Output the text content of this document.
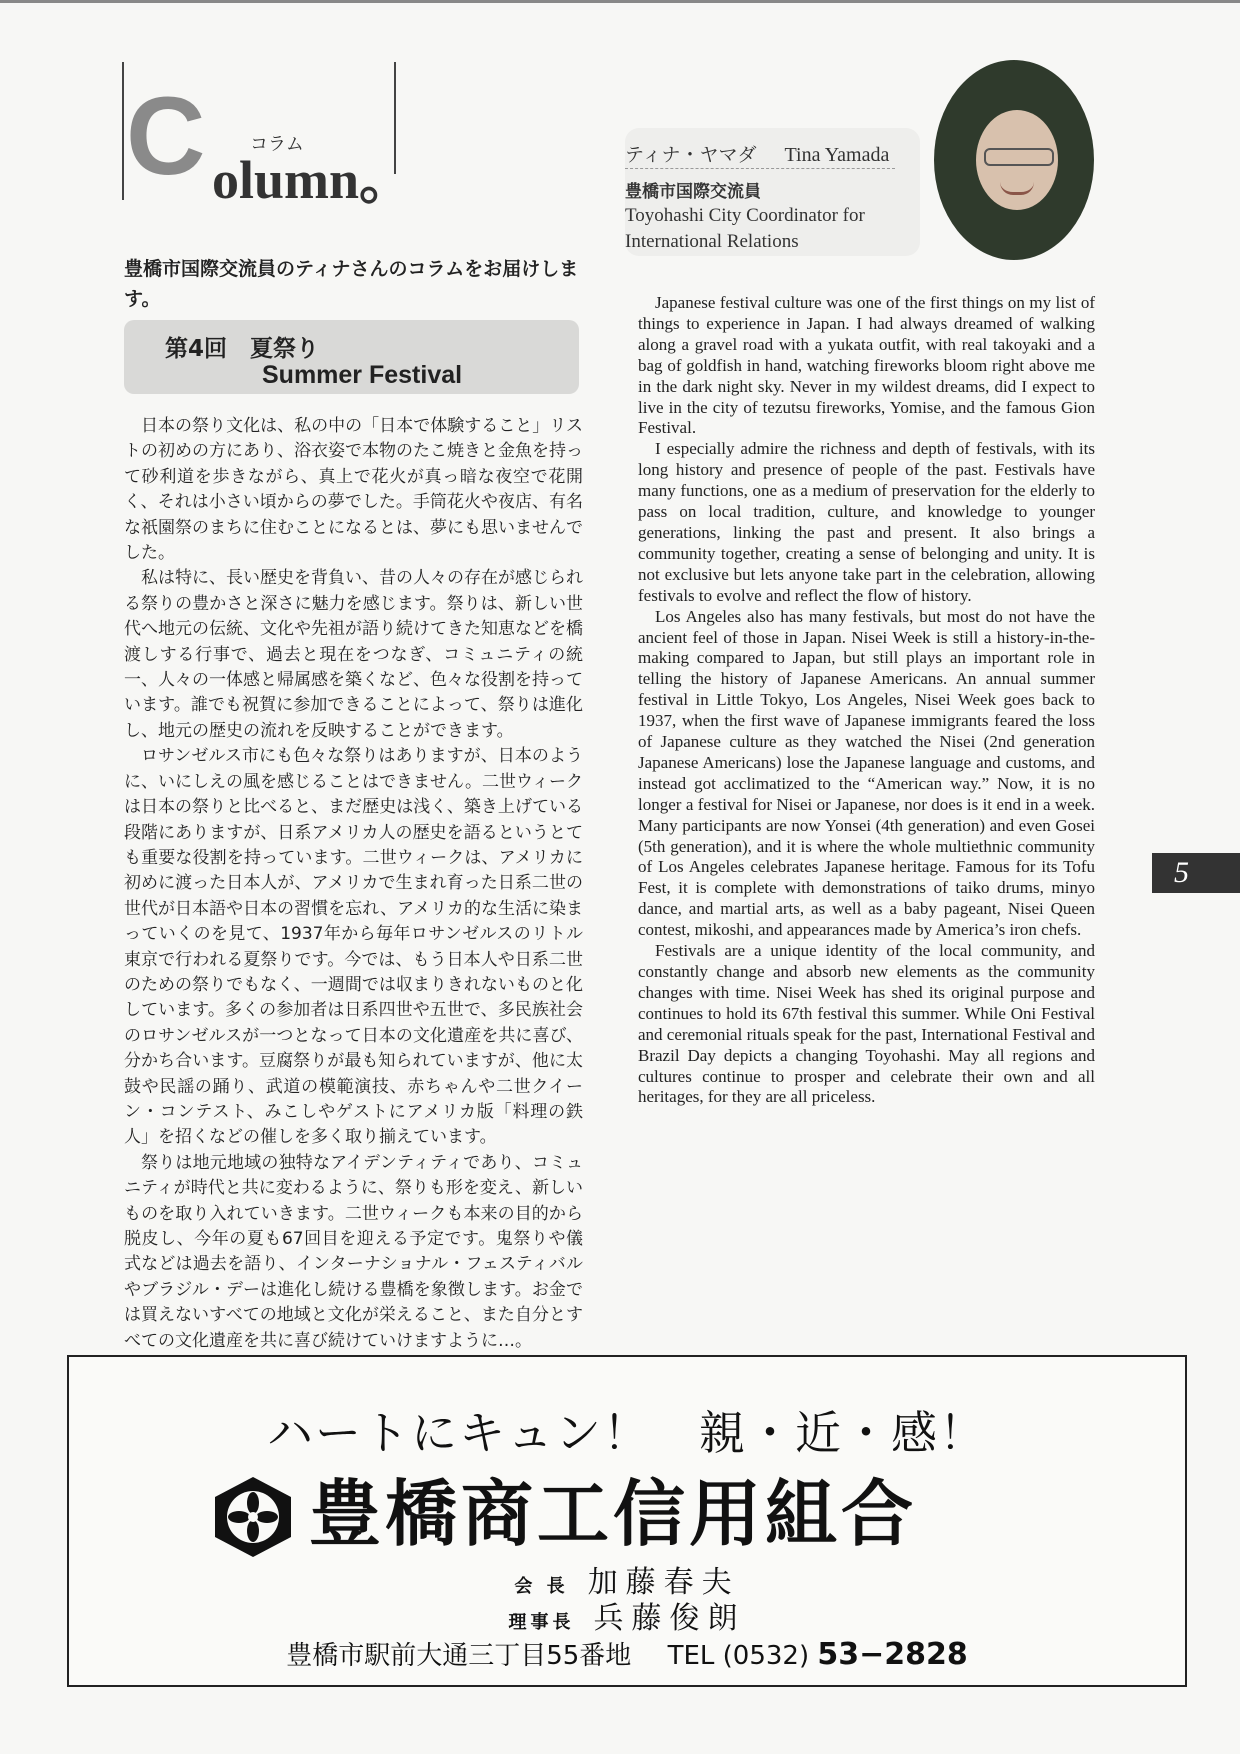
C コラム
olumn。	ティナ・ヤマダ Tina Yamada
豊橋市国際交流員
Toyohashi City Coordinator for International Relations
豊橋市国際交流員のティナさんのコラムをお届けします。
第4回　夏祭り
Summer Festival

日本の祭り文化は、私の中の「日本で体験すること」リストの初めの方にあり、浴衣姿で本物のたこ焼きと金魚を持って砂利道を歩きながら、真上で花火が真っ暗な夜空で花開く、それは小さい頃からの夢でした。手筒花火や夜店、有名な祇園祭のまちに住むことになるとは、夢にも思いませんでした。

私は特に、長い歴史を背負い、昔の人々の存在が感じられる祭りの豊かさと深さに魅力を感じます。祭りは、新しい世代へ地元の伝統、文化や先祖が語り続けてきた知恵などを橋渡しする行事で、過去と現在をつなぎ、コミュニティの統一、人々の一体感と帰属感を築くなど、色々な役割を持っています。誰でも祝賀に参加できることによって、祭りは進化し、地元の歴史の流れを反映することができます。

ロサンゼルス市にも色々な祭りはありますが、日本のように、いにしえの風を感じることはできません。二世ウィークは日本の祭りと比べると、まだ歴史は浅く、築き上げている段階にありますが、日系アメリカ人の歴史を語るというとても重要な役割を持っています。二世ウィークは、アメリカに初めに渡った日本人が、アメリカで生まれ育った日系二世の世代が日本語や日本の習慣を忘れ、アメリカ的な生活に染まっていくのを見て、1937年から毎年ロサンゼルスのリトル東京で行われる夏祭りです。今では、もう日本人や日系二世のための祭りでもなく、一週間では収まりきれないものと化しています。多くの参加者は日系四世や五世で、多民族社会のロサンゼルスが一つとなって日本の文化遺産を共に喜び、分かち合います。豆腐祭りが最も知られていますが、他に太鼓や民謡の踊り、武道の模範演技、赤ちゃんや二世クイーン・コンテスト、みこしやゲストにアメリカ版「料理の鉄人」を招くなどの催しを多く取り揃えています。

祭りは地元地域の独特なアイデンティティであり、コミュニティが時代と共に変わるように、祭りも形を変え、新しいものを取り入れていきます。二世ウィークも本来の目的から脱皮し、今年の夏も67回目を迎える予定です。鬼祭りや儀式などは過去を語り、インターナショナル・フェスティバルやブラジル・デーは進化し続ける豊橋を象徴します。お金では買えないすべての地域と文化が栄えること、また自分とすべての文化遺産を共に喜び続けていけますように…。

Japanese festival culture was one of the first things on my list of things to experience in Japan. I had always dreamed of walking along a gravel road with a yukata outfit, with real takoyaki and a bag of goldfish in hand, watching fireworks bloom right above me in the dark night sky. Never in my wildest dreams, did I expect to live in the city of tezutsu fireworks, Yomise, and the famous Gion Festival.

I especially admire the richness and depth of festivals, with its long history and presence of people of the past. Festivals have many functions, one as a medium of preservation for the elderly to pass on local tradition, culture, and knowledge to younger generations, linking the past and present. It also brings a community together, creating a sense of belonging and unity. It is not exclusive but lets anyone take part in the celebration, allowing festivals to evolve and reflect the flow of history.

Los Angeles also has many festivals, but most do not have the ancient feel of those in Japan. Nisei Week is still a history-in-the-making compared to Japan, but still plays an important role in telling the history of Japanese Americans. An annual summer festival in Little Tokyo, Los Angeles, Nisei Week goes back to 1937, when the first wave of Japanese immigrants feared the loss of Japanese culture as they watched the Nisei (2nd generation Japanese Americans) lose the Japanese language and customs, and instead got acclimatized to the “American way.” Now, it is no longer a festival for Nisei or Japanese, nor does is it end in a week. Many participants are now Yonsei (4th generation) and even Gosei (5th generation), and it is where the whole multiethnic community of Los Angeles celebrates Japanese heritage. Famous for its Tofu Fest, it is complete with demonstrations of taiko drums, minyo dance, and martial arts, as well as a baby pageant, Nisei Queen contest, mikoshi, and appearances made by America’s iron chefs.

Festivals are a unique identity of the local community, and constantly change and absorb new elements as the community changes with time. Nisei Week has shed its original purpose and continues to hold its 67th festival this summer. While Oni Festival and ceremonial rituals speak for the past, International Festival and Brazil Day depicts a changing Toyohashi. May all regions and cultures continue to prosper and celebrate their own and all heritages, for they are all priceless.

5
ハートにキュン！　親・近・感！
豊橋商工信用組合
会 長 加藤春夫
理事長 兵藤俊朗
豊橋市駅前大通三丁目55番地 TEL (0532) 53−2828
